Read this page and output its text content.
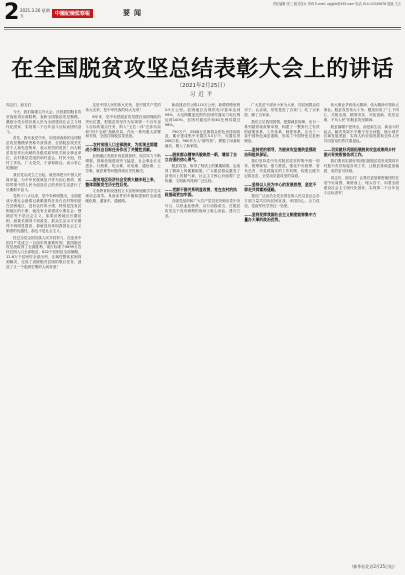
2 2021.3.26 星期五	中國紀檢監察報	要闻
责任编辑 张三 版式设计 李四 E-mail: zgjjjcb@163.com 电话 010-12345678 组版 王五
在全国脱贫攻坚总结表彰大会上的讲话
（2021年2月25日）
习近平
同志们，朋友们：

今天，我们隆重召开大会，庆祝我国脱贫攻坚战取得全面胜利，表彰全国脱贫攻坚楷模，激励全党全国各族人民为全面建设社会主义现代化国家、实现第二个百年奋斗目标而团结奋斗。

首先，我代表党中央，向受到表彰的全国脱贫攻坚楷模荣誉称号获得者、全国脱贫攻坚先进个人和先进集体，表示热烈的祝贺！向为脱贫攻坚作出贡献的各级党政军机关和企事业单位，农村基层党组织和村委会、村民小组，驻村工作队，广大党员、干部和群众，表示衷心的感谢！

我们党从成立之日起，就坚持把为中国人民谋幸福、为中华民族谋复兴作为初心使命，团结带领中国人民为创造自己的美好生活进行了长期艰辛奋斗。

党的十八大以来，党中央鲜明提出，全面建成小康社会最艰巨最繁重的任务在农村特别是在贫困地区，没有农村的小康，特别是没有贫困地区的小康，就没有全面建成小康社会；强调贫穷不是社会主义，如果贫困地区长期贫困，面貌长期得不到改变，群众生活水平长期得不到明显提高，那就没有体现我国社会主义制度的优越性，那也不是社会主义。

经过全党全国各族人民共同努力，在迎来中国共产党成立一百周年的重要时刻，我国脱贫攻坚战取得了全面胜利，现行标准下9899万农村贫困人口全部脱贫，832个贫困县全部摘帽，12.8万个贫困村全部出列，区域性整体贫困得到解决，完成了消除绝对贫困的艰巨任务，创造了又一个彪炳史册的人间奇迹！

这是中国人民的伟大光荣，是中国共产党的伟大光荣，是中华民族的伟大光荣！

8年来，党中央把脱贫攻坚摆在治国理政的突出位置，把脱贫攻坚作为实现第一个百年奋斗目标的重点任务，纳入“五位一体”总体布局和“四个全面”战略布局，作出一系列重大部署和安排，全面打响脱贫攻坚战。

——农村贫困人口全部脱贫，为实现全面建成小康社会目标任务作出了关键性贡献。

贫困地区发展步伐显著加快，经济实力不断增强，基础设施建设突飞猛进，社会事业长足进步，行路难、吃水难、用电难、通信难、上学难、就医难等问题得到历史性解决。

——脱贫地区经济社会发展大踏步赶上来，整体面貌发生历史性巨变。

义务教育阶段建档立卡贫困家庭辍学学生实现动态清零。具备条件的乡镇和建制村全部通硬化路、通客车、通邮路。

新改建农村公路110万公里，新增铁路里程3.5万公里。贫困地区农网供电可靠率达到99%，大电网覆盖范围内贫困村通动力电比例达到100%，贫困村通光纤和4G比例均超过98%。

790万户、2568万贫困群众的危房得到改造，累计建成集中安置区3.5万个、安置住房266万套，960多万人“挪穷窝”，摆脱了闭塞和落后，搬入了新家园。

——脱贫群众精神风貌焕然一新，增添了自立自强的信心勇气。

脱贫攻坚，取得了物质上的累累硕果，也取得了精神上的累累硕果。广大脱贫群众激发了奋发向上的精气神，社会主义核心价值观广泛传播，文明新风得到广泛弘扬。

——党群干群关系明显改善，党在农村的执政基础更加牢固。

各级党组织和广大共产党员坚决响应党中央号召，以热血赴使命、以行动践诺言，在脱贫攻坚这个没有硝烟的战场上呕心沥血、建功立业。

广大扶贫干部舍小家为大家，同贫困群众结对子、认亲戚，常常是进了百家门、吃了百家饭、睡了百家床。

我们立足我国国情，把握减贫规律，出台一系列超常规政策举措，构建了一整套行之有效的政策体系、工作体系、制度体系，走出了一条中国特色减贫道路，形成了中国特色反贫困理论。

——坚持党的领导，为脱贫攻坚提供坚强政治和组织保证。

我们坚持党中央对脱贫攻坚的集中统一领导，统筹谋划、强力推进。强化中央统筹、省负总责、市县抓落实的工作机制，构建五级书记抓扶贫、全党动员促攻坚的局面。

——坚持以人民为中心的发展思想，坚定不移走共同富裕道路。

我们广泛动员全党全国各族人民以及社会各方面力量共同向贫困宣战，举国同心，合力攻坚，党政军民学劲往一处使。

——坚持发挥我国社会主义制度能够集中力量办大事的政治优势。

伟大事业孕育伟大精神，伟大精神引领伟大事业。脱贫攻坚伟大斗争，锻造形成了“上下同心、尽锐出战、精准务实、开拓创新、攻坚克难、不负人民”的脱贫攻坚精神。

脱贫摘帽不是终点，而是新生活、新奋斗的起点。解决发展不平衡不充分问题、缩小城乡区域发展差距、实现人的全面发展和全体人民共同富裕仍然任重道远。

——切实做好巩固拓展脱贫攻坚成果同乡村振兴有效衔接各项工作。

我们要切实做好巩固拓展脱贫攻坚成果同乡村振兴有效衔接各项工作，让脱贫基础更加稳固、成效更可持续。

同志们、朋友们！让我们更加紧密地团结在党中央周围，乘势而上、埋头苦干，向着全面建设社会主义现代化国家、实现第二个百年奋斗目标进军！

（新华社北京2月25日电）
